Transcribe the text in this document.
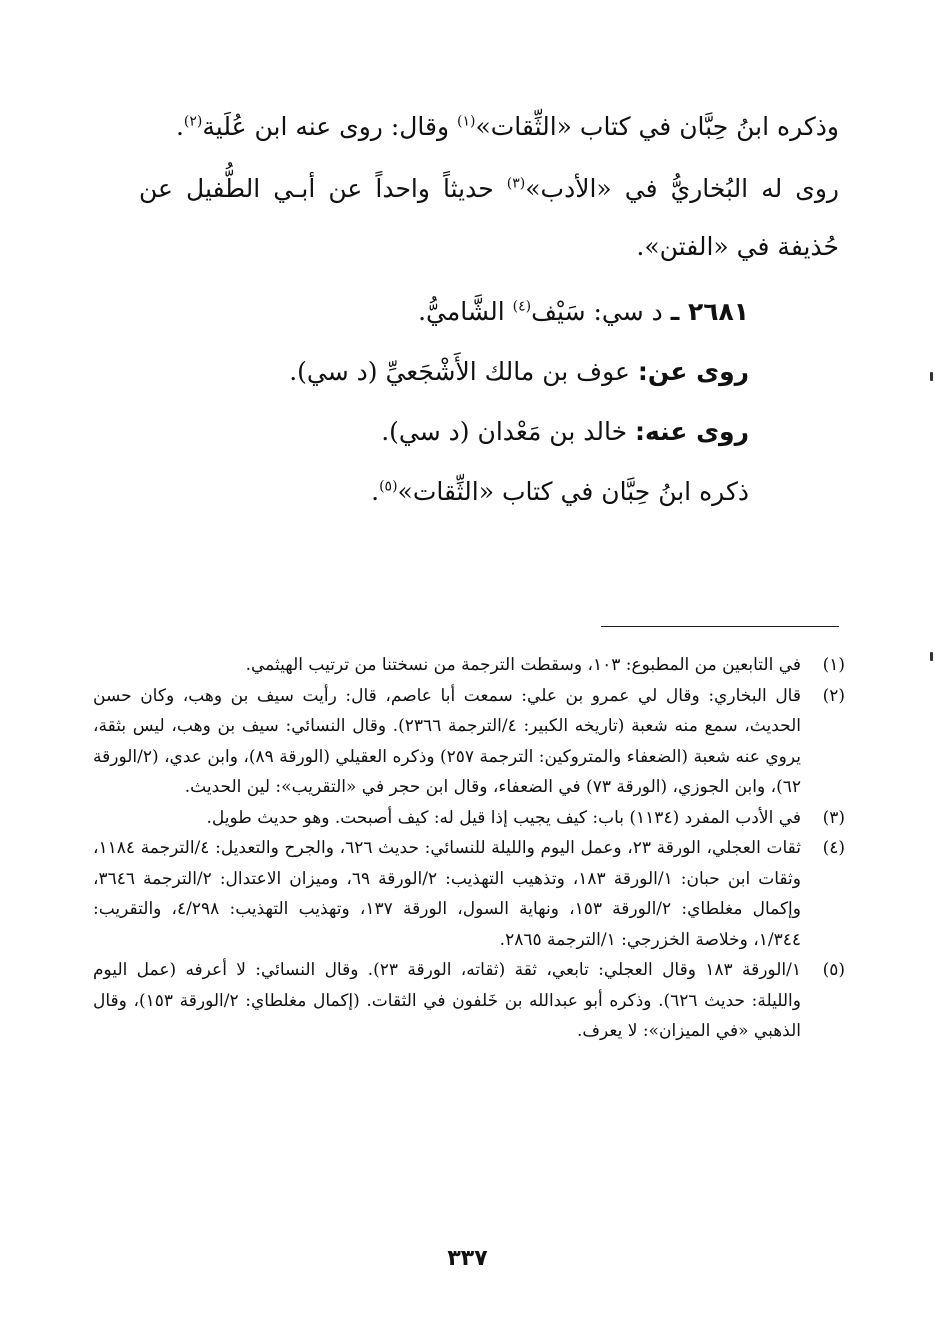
وذكره ابنُ حِبَّان في كتاب «الثِّقات»$^{(١)}$ وقال: روى عنه ابن عُلَية$^{(٢)}$.

روى له البُخاريُّ في «الأدب»$^{(٣)}$ حديثاً واحداً عن أبـي الطُّفيل عن حُذيفة في «الفتن».

٢٦٨١ ـ د سي: سَيْف$^{(٤)}$ الشَّاميُّ.

روى عن: عوف بن مالك الأَشْجَعيِّ (د سي).

روى عنه: خالد بن مَعْدان (د سي).

ذكره ابنُ حِبَّان في كتاب «الثِّقات»$^{(٥)}$.

(١)
في التابعين من المطبوع: ١٠٣، وسقطت الترجمة من نسختنا من ترتيب الهيثمي.

(٢)
قال البخاري: وقال لي عمرو بن علي: سمعت أبا عاصم، قال: رأيت سيف بن وهب، وكان حسن الحديث، سمع منه شعبة (تاريخه الكبير: ٤/الترجمة ٢٣٦٦). وقال النسائي: سيف بن وهب، ليس بثقة، يروي عنه شعبة (الضعفاء والمتروكين: الترجمة ٢٥٧) وذكره العقيلي (الورقة ٨٩)، وابن عدي، (٢/الورقة ٦٢)، وابن الجوزي، (الورقة ٧٣) في الضعفاء، وقال ابن حجر في «التقريب»: لين الحديث.

(٣)
في الأدب المفرد (١١٣٤) باب: كيف يجيب إذا قيل له: كيف أصبحت. وهو حديث طويل.

(٤)
ثقات العجلي، الورقة ٢٣، وعمل اليوم والليلة للنسائي: حديث ٦٢٦، والجرح والتعديل: ٤/الترجمة ١١٨٤، وثقات ابن حبان: ١/الورقة ١٨٣، وتذهيب التهذيب: ٢/الورقة ٦٩، وميزان الاعتدال: ٢/الترجمة ٣٦٤٦، وإكمال مغلطاي: ٢/الورقة ١٥٣، ونهاية السول، الورقة ١٣٧، وتهذيب التهذيب: ٤/٢٩٨، والتقريب: ١/٣٤٤، وخلاصة الخزرجي: ١/الترجمة ٢٨٦٥.

(٥)
١/الورقة ١٨٣ وقال العجلي: تابعي، ثقة (ثقاته، الورقة ٢٣). وقال النسائي: لا أعرفه (عمل اليوم والليلة: حديث ٦٢٦). وذكره أبو عبدالله بن خَلفون في الثقات. (إكمال مغلطاي: ٢/الورقة ١٥٣)، وقال الذهبي «في الميزان»: لا يعرف.

٣٣٧
